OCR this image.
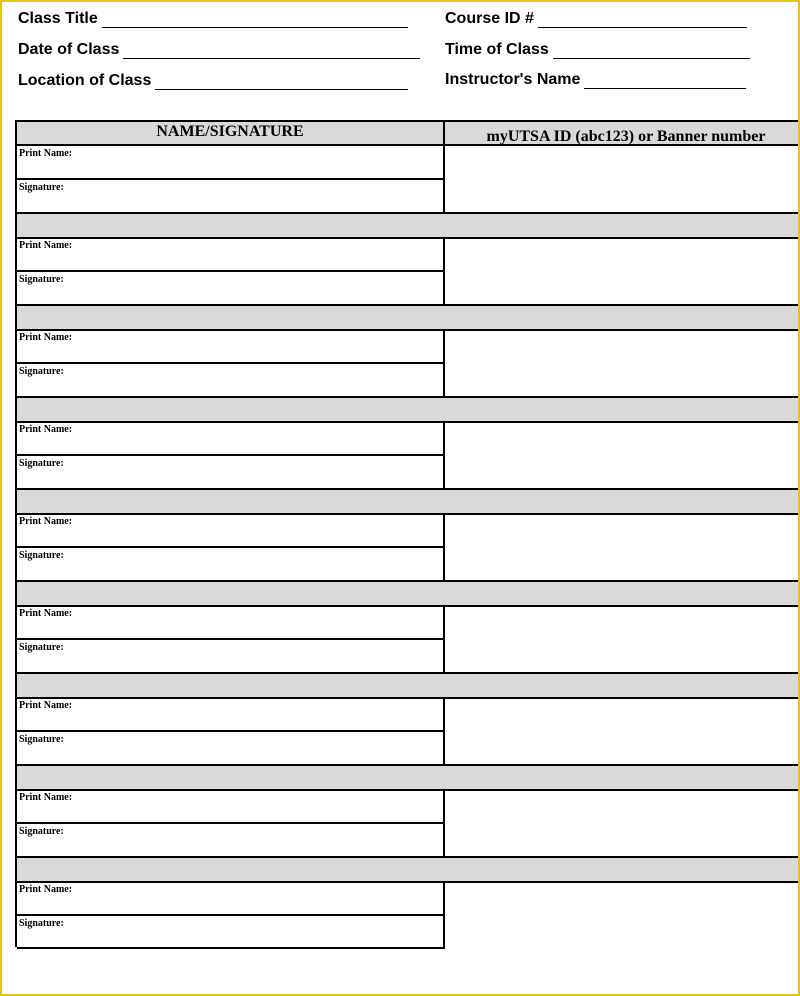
Class Title	Course ID #
Date of Class	Time of Class
Location of Class	Instructor's Name
NAME/SIGNATURE	myUTSA ID (abc123) or Banner number
Print Name:
Signature:
Print Name:
Signature:
Print Name:
Signature:
Print Name:
Signature:
Print Name:
Signature:
Print Name:
Signature:
Print Name:
Signature:
Print Name:
Signature:
Print Name:
Signature:
